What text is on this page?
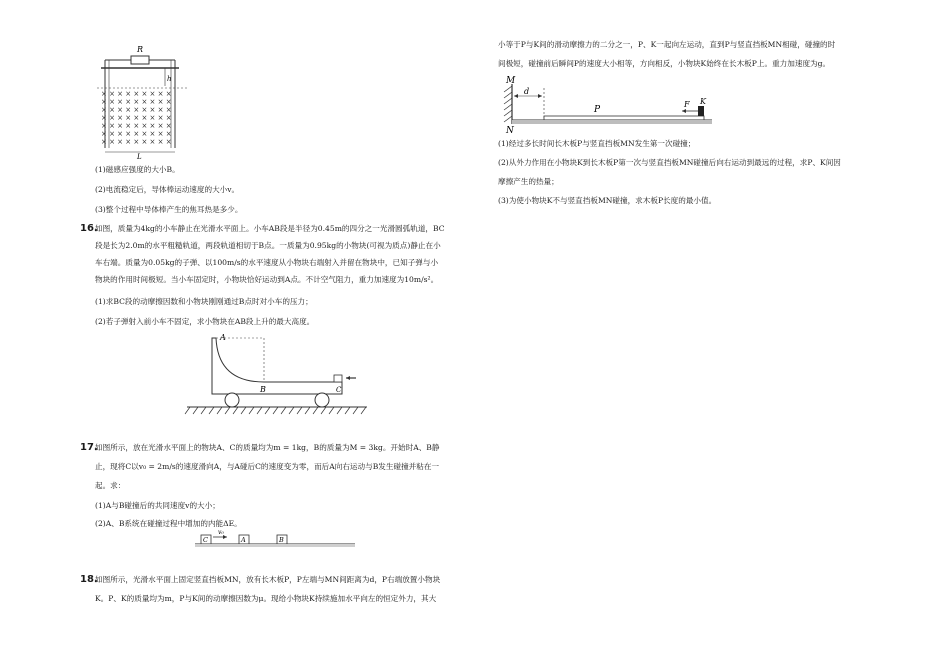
R
h
× × × × × × × × ×
× × × × × × × × ×
× × × × × × × × ×
× × × × × × × × ×
× × × × × × × × ×
× × × × × × × × ×
× × × × × × × × ×
L
(1)磁感应强度的大小B。
(2)电流稳定后，导体棒运动速度的大小v。
(3)整个过程中导体棒产生的焦耳热是多少。
16.
如图，质量为4kg的小车静止在光滑水平面上。小车AB段是半径为0.45m的四分之一光滑圆弧轨道，BC
段是长为2.0m的水平粗糙轨道，两段轨道相切于B点。一质量为0.95kg的小物块(可视为质点)静止在小
车右端。质量为0.05kg的子弹、以100m/s的水平速度从小物块右端射入并留在物块中，已知子弹与小
物块的作用时间极短。当小车固定时，小物块恰好运动到A点。不计空气阻力，重力加速度为10m/s²。
(1)求BC段的动摩擦因数和小物块刚刚通过B点时对小车的压力；
(2)若子弹射入前小车不固定，求小物块在AB段上升的最大高度。
A
B	C
17.
如图所示，放在光滑水平面上的物块A、C的质量均为m = 1kg，B的质量为M = 3kg。开始时A、B静
止，现将C以v₀ = 2m/s的速度滑向A，与A碰后C的速度变为零，而后A向右运动与B发生碰撞并粘在一
起。求：
(1)A与B碰撞后的共同速度v的大小；
(2)A、B系统在碰撞过程中增加的内能ΔE。
C
v₀
A	B
18.
如图所示，光滑水平面上固定竖直挡板MN，放有长木板P，P左端与MN间距离为d，P右端放置小物块
K。P、K的质量均为m，P与K间的动摩擦因数为μ。现给小物块K持续施加水平向左的恒定外力，其大
小等于P与K间的滑动摩擦力的二分之一，P、K一起向左运动，直到P与竖直挡板MN相碰，碰撞的时
间极短，碰撞前后瞬间P的速度大小相等，方向相反，小物块K始终在长木板P上。重力加速度为g。
M
N
d
P
K
F
(1)经过多长时间长木板P与竖直挡板MN发生第一次碰撞；
(2)从外力作用在小物块K到长木板P第一次与竖直挡板MN碰撞后向右运动到最远的过程，求P、K间因
摩擦产生的热量；
(3)为使小物块K不与竖直挡板MN碰撞，求木板P长度的最小值。
